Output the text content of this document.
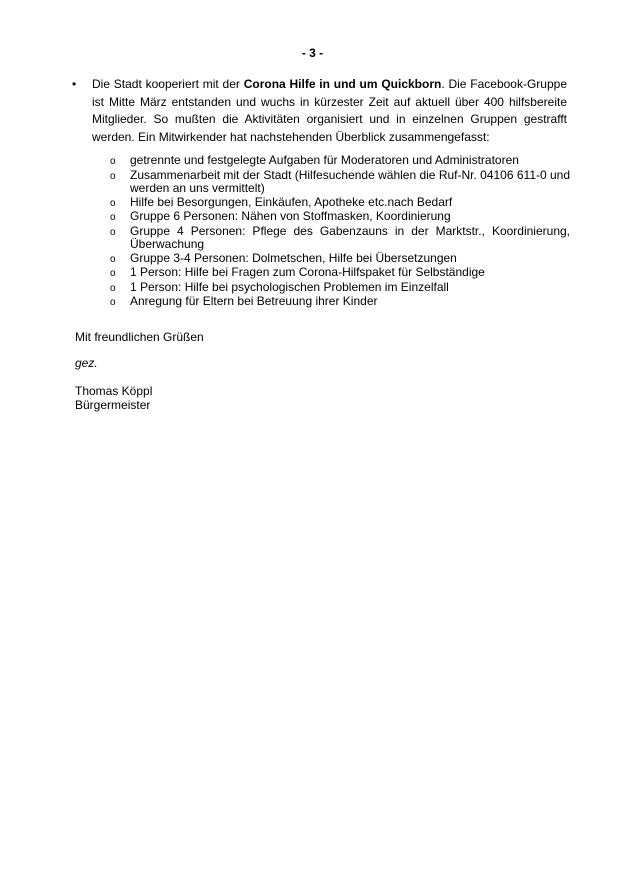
- 3 -
•	Die Stadt kooperiert mit der Corona Hilfe in und um Quickborn. Die Facebook-Gruppe ist Mitte März entstanden und wuchs in kürzester Zeit auf aktuell über 400 hilfsbereite Mitglieder. So mußten die Aktivitäten organisiert und in einzelnen Gruppen gestrafft werden. Ein Mitwirkender hat nachstehenden Überblick zusammengefasst:

o	getrennte und festgelegte Aufgaben für Moderatoren und Administratoren

o	Zusammenarbeit mit der Stadt (Hilfesuchende wählen die Ruf-Nr. 04106 611-0 und werden an uns vermittelt)

o	Hilfe bei Besorgungen, Einkäufen, Apotheke etc.nach Bedarf

o	Gruppe 6 Personen: Nähen von Stoffmasken, Koordinierung

o	Gruppe 4 Personen: Pflege des Gabenzauns in der Marktstr., Koordinierung, Überwachung

o	Gruppe 3-4 Personen: Dolmetschen, Hilfe bei Übersetzungen

o	1 Person: Hilfe bei Fragen zum Corona-Hilfspaket für Selbständige

o	1 Person: Hilfe bei psychologischen Problemen im Einzelfall

o	Anregung für Eltern bei Betreuung ihrer Kinder

Mit freundlichen Grüßen

gez.

Thomas Köppl
Bürgermeister
